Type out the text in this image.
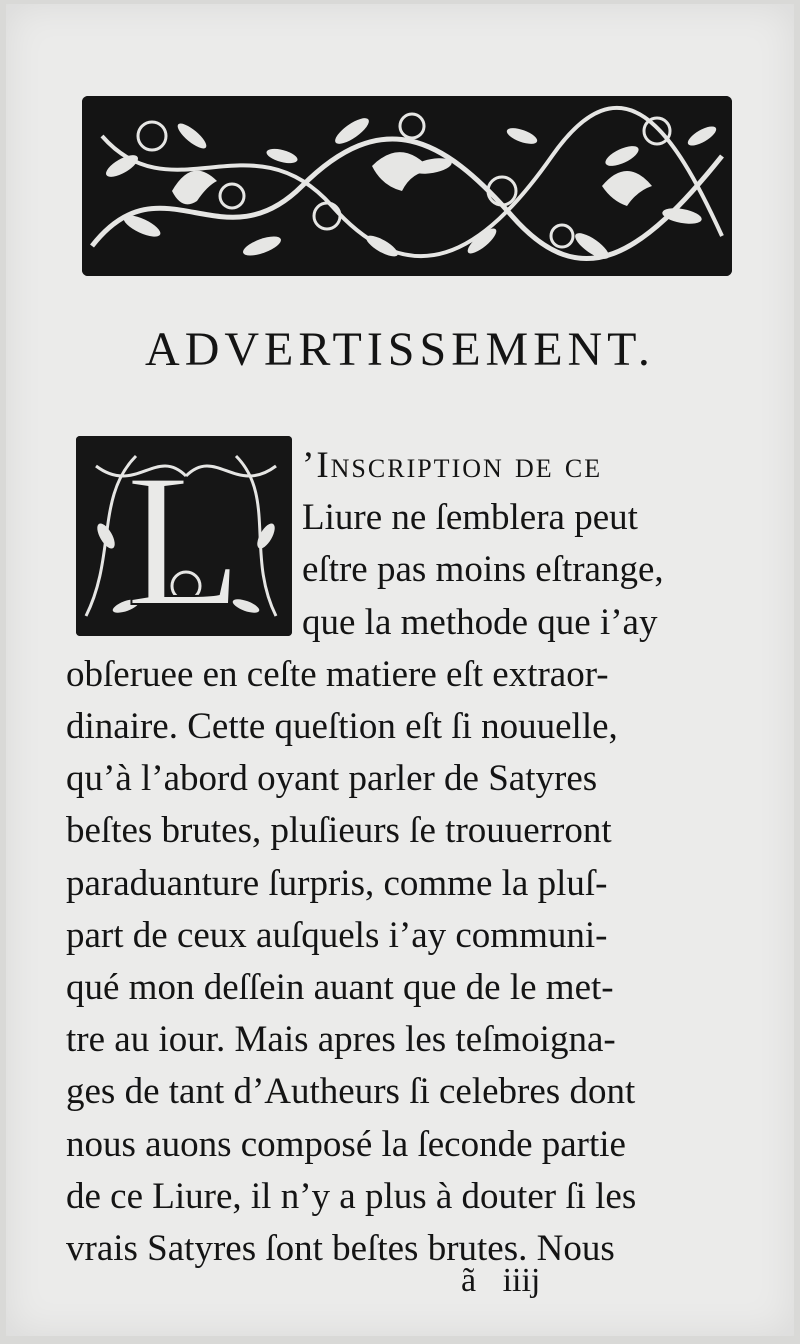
ADVERTISSEMENT.
L	’Inscription de ce
Liure ne ſemblera peut
eſtre pas moins eſtrange,
que la methode que i’ay
obſeruee en ceſte matiere eſt extraor-
dinaire. Cette queſtion eſt ſi nouuelle,
qu’à l’abord oyant parler de Satyres
beſtes brutes, pluſieurs ſe trouuerront
paraduanture ſurpris, comme la pluſ-
part de ceux auſquels i’ay communi-
qué mon deſſein auant que de le met-
tre au iour. Mais apres les teſmoigna-
ges de tant d’Autheurs ſi celebres dont
nous auons composé la ſeconde partie
de ce Liure, il n’y a plus à douter ſi les
vrais Satyres ſont beſtes brutes. Nous
ã iiij
